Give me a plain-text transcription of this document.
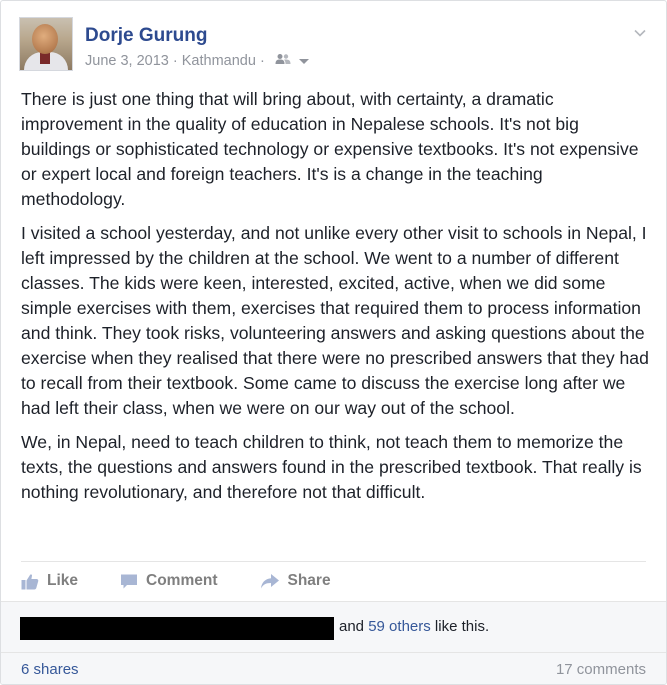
Dorje Gurung
June 3, 2013 · Kathmandu ·

There is just one thing that will bring about, with certainty, a dramatic improvement in the quality of education in Nepalese schools. It's not big buildings or sophisticated technology or expensive textbooks. It's not expensive or expert local and foreign teachers. It's is a change in the teaching methodology.

I visited a school yesterday, and not unlike every other visit to schools in Nepal, I left impressed by the children at the school. We went to a number of different classes. The kids were keen, interested, excited, active, when we did some simple exercises with them, exercises that required them to process information and think. They took risks, volunteering answers and asking questions about the exercise when they realised that there were no prescribed answers that they had to recall from their textbook. Some came to discuss the exercise long after we had left their class, when we were on our way out of the school.

We, in Nepal, need to teach children to think, not teach them to memorize the texts, the questions and answers found in the prescribed textbook. That really is nothing revolutionary, and therefore not that difficult.

Like	Comment	Share
and 59 others like this.
6 shares	17 comments
